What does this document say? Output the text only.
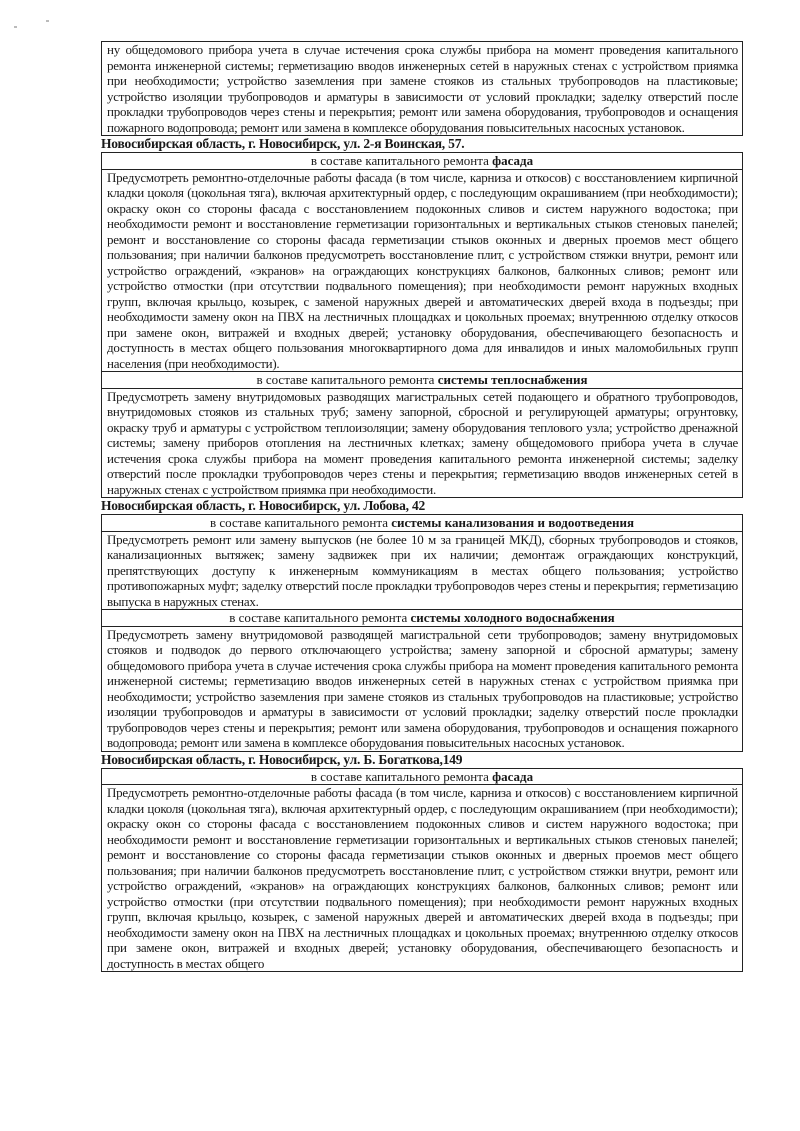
ну общедомового прибора учета в случае истечения срока службы прибора на момент проведения капитального ремонта инженерной системы; герметизацию вводов инженерных сетей в наружных стенах с устройством приямка при необходимости; устройство заземления при замене стояков из стальных трубопроводов на пластиковые; устройство изоляции трубопроводов и арматуры в зависимости от условий прокладки; заделку отверстий после прокладки трубопроводов через стены и перекрытия; ремонт или замена оборудования, трубопроводов и оснащения пожарного водопровода; ремонт или замена в комплексе оборудования повысительных насосных установок.
Новосибирская область, г. Новосибирск, ул. 2-я Воинская, 57.
в составе капитального ремонта фасада
Предусмотреть ремонтно-отделочные работы фасада (в том числе, карниза и откосов) с восстановлением кирпичной кладки цоколя (цокольная тяга), включая архитектурный ордер, с последующим окрашиванием (при необходимости); окраску окон со стороны фасада с восстановлением подоконных сливов и систем наружного водостока; при необходимости ремонт и восстановление герметизации горизонтальных и вертикальных стыков стеновых панелей; ремонт и восстановление со стороны фасада герметизации стыков оконных и дверных проемов мест общего пользования; при наличии балконов предусмотреть восстановление плит, с устройством стяжки внутри, ремонт или устройство ограждений, «экранов» на ограждающих конструкциях балконов, балконных сливов; ремонт или устройство отмостки (при отсутствии подвального помещения); при необходимости ремонт наружных входных групп, включая крыльцо, козырек, с заменой наружных дверей и автоматических дверей входа в подъезды; при необходимости замену окон на ПВХ на лестничных площадках и цокольных проемах; внутреннюю отделку откосов при замене окон, витражей и входных дверей; установку оборудования, обеспечивающего безопасность и доступность в местах общего пользования многоквартирного дома для инвалидов и иных маломобильных групп населения (при необходимости).
в составе капитального ремонта системы теплоснабжения
Предусмотреть замену внутридомовых разводящих магистральных сетей подающего и обратного трубопроводов, внутридомовых стояков из стальных труб; замену запорной, сбросной и регулирующей арматуры; огрунтовку, окраску труб и арматуры с устройством теплоизоляции; замену оборудования теплового узла; устройство дренажной системы; замену приборов отопления на лестничных клетках; замену общедомового прибора учета в случае истечения срока службы прибора на момент проведения капитального ремонта инженерной системы; заделку отверстий после прокладки трубопроводов через стены и перекрытия; герметизацию вводов инженерных сетей в наружных стенах с устройством приямка при необходимости.
Новосибирская область, г. Новосибирск, ул. Лобова, 42
в составе капитального ремонта системы канализования и водоотведения
Предусмотреть ремонт или замену выпусков (не более 10 м за границей МКД), сборных трубопроводов и стояков, канализационных вытяжек; замену задвижек при их наличии; демонтаж ограждающих конструкций, препятствующих доступу к инженерным коммуникациям в местах общего пользования; устройство противопожарных муфт; заделку отверстий после прокладки трубопроводов через стены и перекрытия; герметизацию выпуска в наружных стенах.
в составе капитального ремонта системы холодного водоснабжения
Предусмотреть замену внутридомовой разводящей магистральной сети трубопроводов; замену внутридомовых стояков и подводок до первого отключающего устройства; замену запорной и сбросной арматуры; замену общедомового прибора учета в случае истечения срока службы прибора на момент проведения капитального ремонта инженерной системы; герметизацию вводов инженерных сетей в наружных стенах с устройством приямка при необходимости; устройство заземления при замене стояков из стальных трубопроводов на пластиковые; устройство изоляции трубопроводов и арматуры в зависимости от условий прокладки; заделку отверстий после прокладки трубопроводов через стены и перекрытия; ремонт или замена оборудования, трубопроводов и оснащения пожарного водопровода; ремонт или замена в комплексе оборудования повысительных насосных установок.
Новосибирская область, г. Новосибирск, ул. Б. Богаткова,149
в составе капитального ремонта фасада
Предусмотреть ремонтно-отделочные работы фасада (в том числе, карниза и откосов) с восстановлением кирпичной кладки цоколя (цокольная тяга), включая архитектурный ордер, с последующим окрашиванием (при необходимости); окраску окон со стороны фасада с восстановлением подоконных сливов и систем наружного водостока; при необходимости ремонт и восстановление герметизации горизонтальных и вертикальных стыков стеновых панелей; ремонт и восстановление со стороны фасада герметизации стыков оконных и дверных проемов мест общего пользования; при наличии балконов предусмотреть восстановление плит, с устройством стяжки внутри, ремонт или устройство ограждений, «экранов» на ограждающих конструкциях балконов, балконных сливов; ремонт или устройство отмостки (при отсутствии подвального помещения); при необходимости ремонт наружных входных групп, включая крыльцо, козырек, с заменой наружных дверей и автоматических дверей входа в подъезды; при необходимости замену окон на ПВХ на лестничных площадках и цокольных проемах; внутреннюю отделку откосов при замене окон, витражей и входных дверей; установку оборудования, обеспечивающего безопасность и доступность в местах общего
